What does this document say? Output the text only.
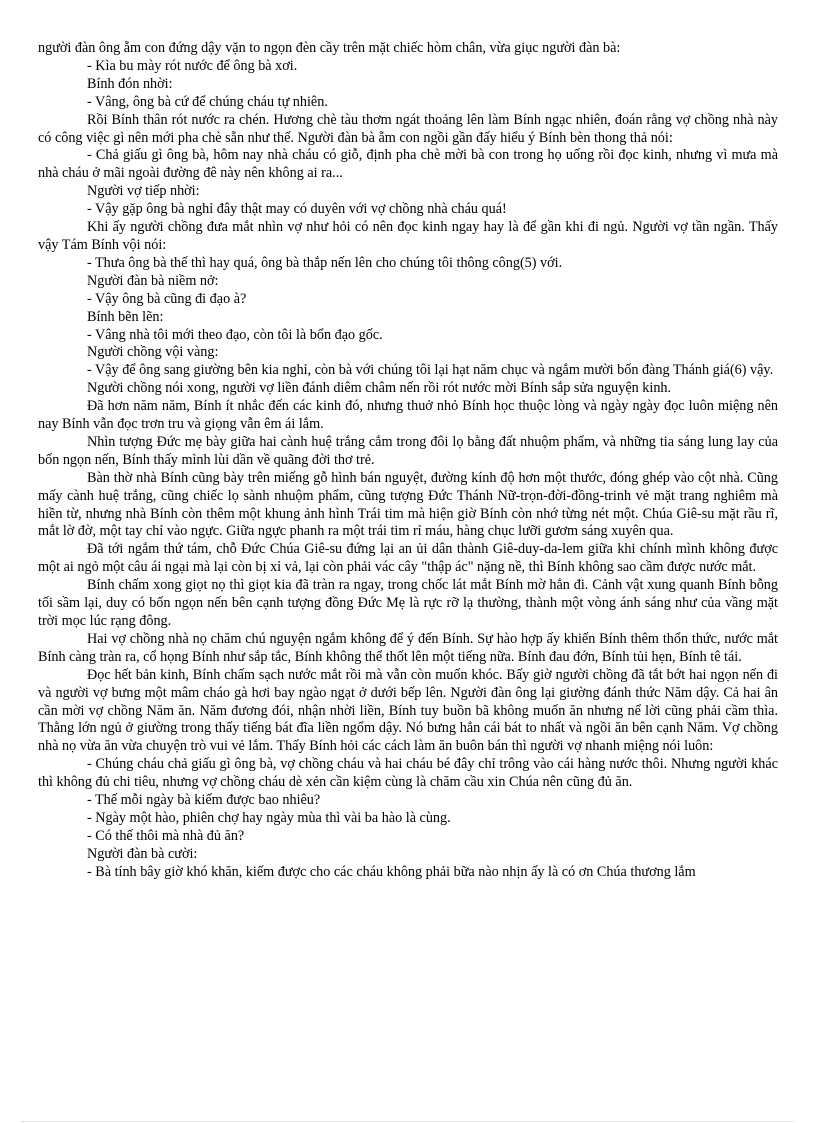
người đàn ông ẵm con đứng dậy vặn to ngọn đèn cầy trên mặt chiếc hòm chân, vừa giục người đàn bà:

- Kìa bu mày rót nước để ông bà xơi.

Bính đón nhời:

- Vâng, ông bà cứ để chúng cháu tự nhiên.

Rồi Bính thân rót nước ra chén. Hương chè tàu thơm ngát thoảng lên làm Bính ngạc nhiên, đoán rằng vợ chồng nhà này có công việc gì nên mới pha chè sẵn như thế. Người đàn bà ẵm con ngồi gần đấy hiểu ý Bính bèn thong thả nói:

- Chả giấu gì ông bà, hôm nay nhà cháu có giỗ, định pha chè mời bà con trong họ uống rồi đọc kinh, nhưng vì mưa mà nhà cháu ở mãi ngoài đường đê này nên không ai ra...

Người vợ tiếp nhời:

- Vậy gặp ông bà nghỉ đây thật may có duyên với vợ chồng nhà cháu quá!

Khi ấy người chồng đưa mắt nhìn vợ như hỏi có nên đọc kinh ngay hay là để gần khi đi ngủ. Người vợ tần ngần. Thấy vậy Tám Bính vội nói:

- Thưa ông bà thế thì hay quá, ông bà thắp nến lên cho chúng tôi thông công(5) với.

Người đàn bà niềm nở:

- Vậy ông bà cũng đi đạo à?

Bính bẽn lẽn:

- Vâng nhà tôi mới theo đạo, còn tôi là bổn đạo gốc.

Người chồng vội vàng:

- Vậy để ông sang giường bên kia nghỉ, còn bà với chúng tôi lại hạt năm chục và ngắm mười bốn đàng Thánh giá(6) vậy.

Người chồng nói xong, người vợ liền đánh diêm châm nến rồi rót nước mời Bính sắp sửa nguyện kinh.

Đã hơn năm năm, Bính ít nhắc đến các kinh đó, nhưng thuở nhỏ Bính học thuộc lòng và ngày ngày đọc luôn miệng nên nay Bính vẫn đọc trơn tru và giọng vẫn êm ái lắm.

Nhìn tượng Đức mẹ bày giữa hai cành huệ trắng cắm trong đôi lọ bằng đất nhuộm phẩm, và những tia sáng lung lay của bốn ngọn nến, Bính thấy mình lùi dần về quãng đời thơ trẻ.

Bàn thờ nhà Bính cũng bày trên miếng gỗ hình bán nguyệt, đường kính độ hơn một thước, đóng ghép vào cột nhà. Cũng mấy cành huệ trắng, cũng chiếc lọ sành nhuộm phẩm, cũng tượng Đức Thánh Nữ-trọn-đời-đồng-trinh vẻ mặt trang nghiêm mà hiền từ, nhưng nhà Bính còn thêm một khung ảnh hình Trái tim mà hiện giờ Bính còn nhớ từng nét một. Chúa Giê-su mặt rầu rĩ, mắt lờ đờ, một tay chỉ vào ngực. Giữa ngực phanh ra một trái tim rỉ máu, hàng chục lưỡi gươm sáng xuyên qua.

Đã tới ngắm thứ tám, chỗ Đức Chúa Giê-su đứng lại an ủi dân thành Giê-duy-da-lem giữa khi chính mình không được một ai ngỏ một câu ái ngại mà lại còn bị xỉ vả, lại còn phải vác cây "thập ác" nặng nề, thì Bính không sao cầm được nước mắt.

Bính chấm xong giọt nọ thì giọt kia đã tràn ra ngay, trong chốc lát mắt Bính mờ hẳn đi. Cảnh vật xung quanh Bính bỗng tối sầm lại, duy có bốn ngọn nến bên cạnh tượng đồng Đức Mẹ là rực rỡ lạ thường, thành một vòng ánh sáng như của vầng mặt trời mọc lúc rạng đông.

Hai vợ chồng nhà nọ chăm chú nguyện ngắm không để ý đến Bính. Sự hào hợp ấy khiến Bính thêm thổn thức, nước mắt Bính càng tràn ra, cổ họng Bính như sắp tắc, Bính không thể thốt lên một tiếng nữa. Bính đau đớn, Bính tủi hẹn, Bính tê tái.

Đọc hết bản kinh, Bính chấm sạch nước mắt rồi mà vẫn còn muốn khóc. Bấy giờ người chồng đã tắt bớt hai ngọn nến đi và người vợ bưng một mâm cháo gà hơi bay ngào ngạt ở dưới bếp lên. Người đàn ông lại giường đánh thức Năm dậy. Cả hai ân cần mời vợ chồng Năm ăn. Năm đương đói, nhận nhời liền, Bính tuy buồn bã không muốn ăn nhưng nể lời cũng phải cầm thìa. Thằng lớn ngủ ở giường trong thấy tiếng bát đĩa liền ngổm dậy. Nó bưng hẳn cái bát to nhất và ngồi ăn bên cạnh Năm. Vợ chồng nhà nọ vừa ăn vừa chuyện trò vui vẻ lắm. Thấy Bính hỏi các cách làm ăn buôn bán thì người vợ nhanh miệng nói luôn:

- Chúng cháu chả giấu gì ông bà, vợ chồng cháu và hai cháu bé đây chỉ trông vào cái hàng nước thôi. Nhưng người khác thì không đủ chi tiêu, nhưng vợ chồng cháu dè xẻn cần kiệm cùng là chăm cầu xin Chúa nên cũng đủ ăn.

- Thế mỗi ngày bà kiếm được bao nhiêu?

- Ngày một hào, phiên chợ hay ngày mùa thì vài ba hào là cùng.

- Có thế thôi mà nhà đủ ăn?

Người đàn bà cười:

- Bà tính bây giờ khó khăn, kiếm được cho các cháu không phải bữa nào nhịn ấy là có ơn Chúa thương lắm
